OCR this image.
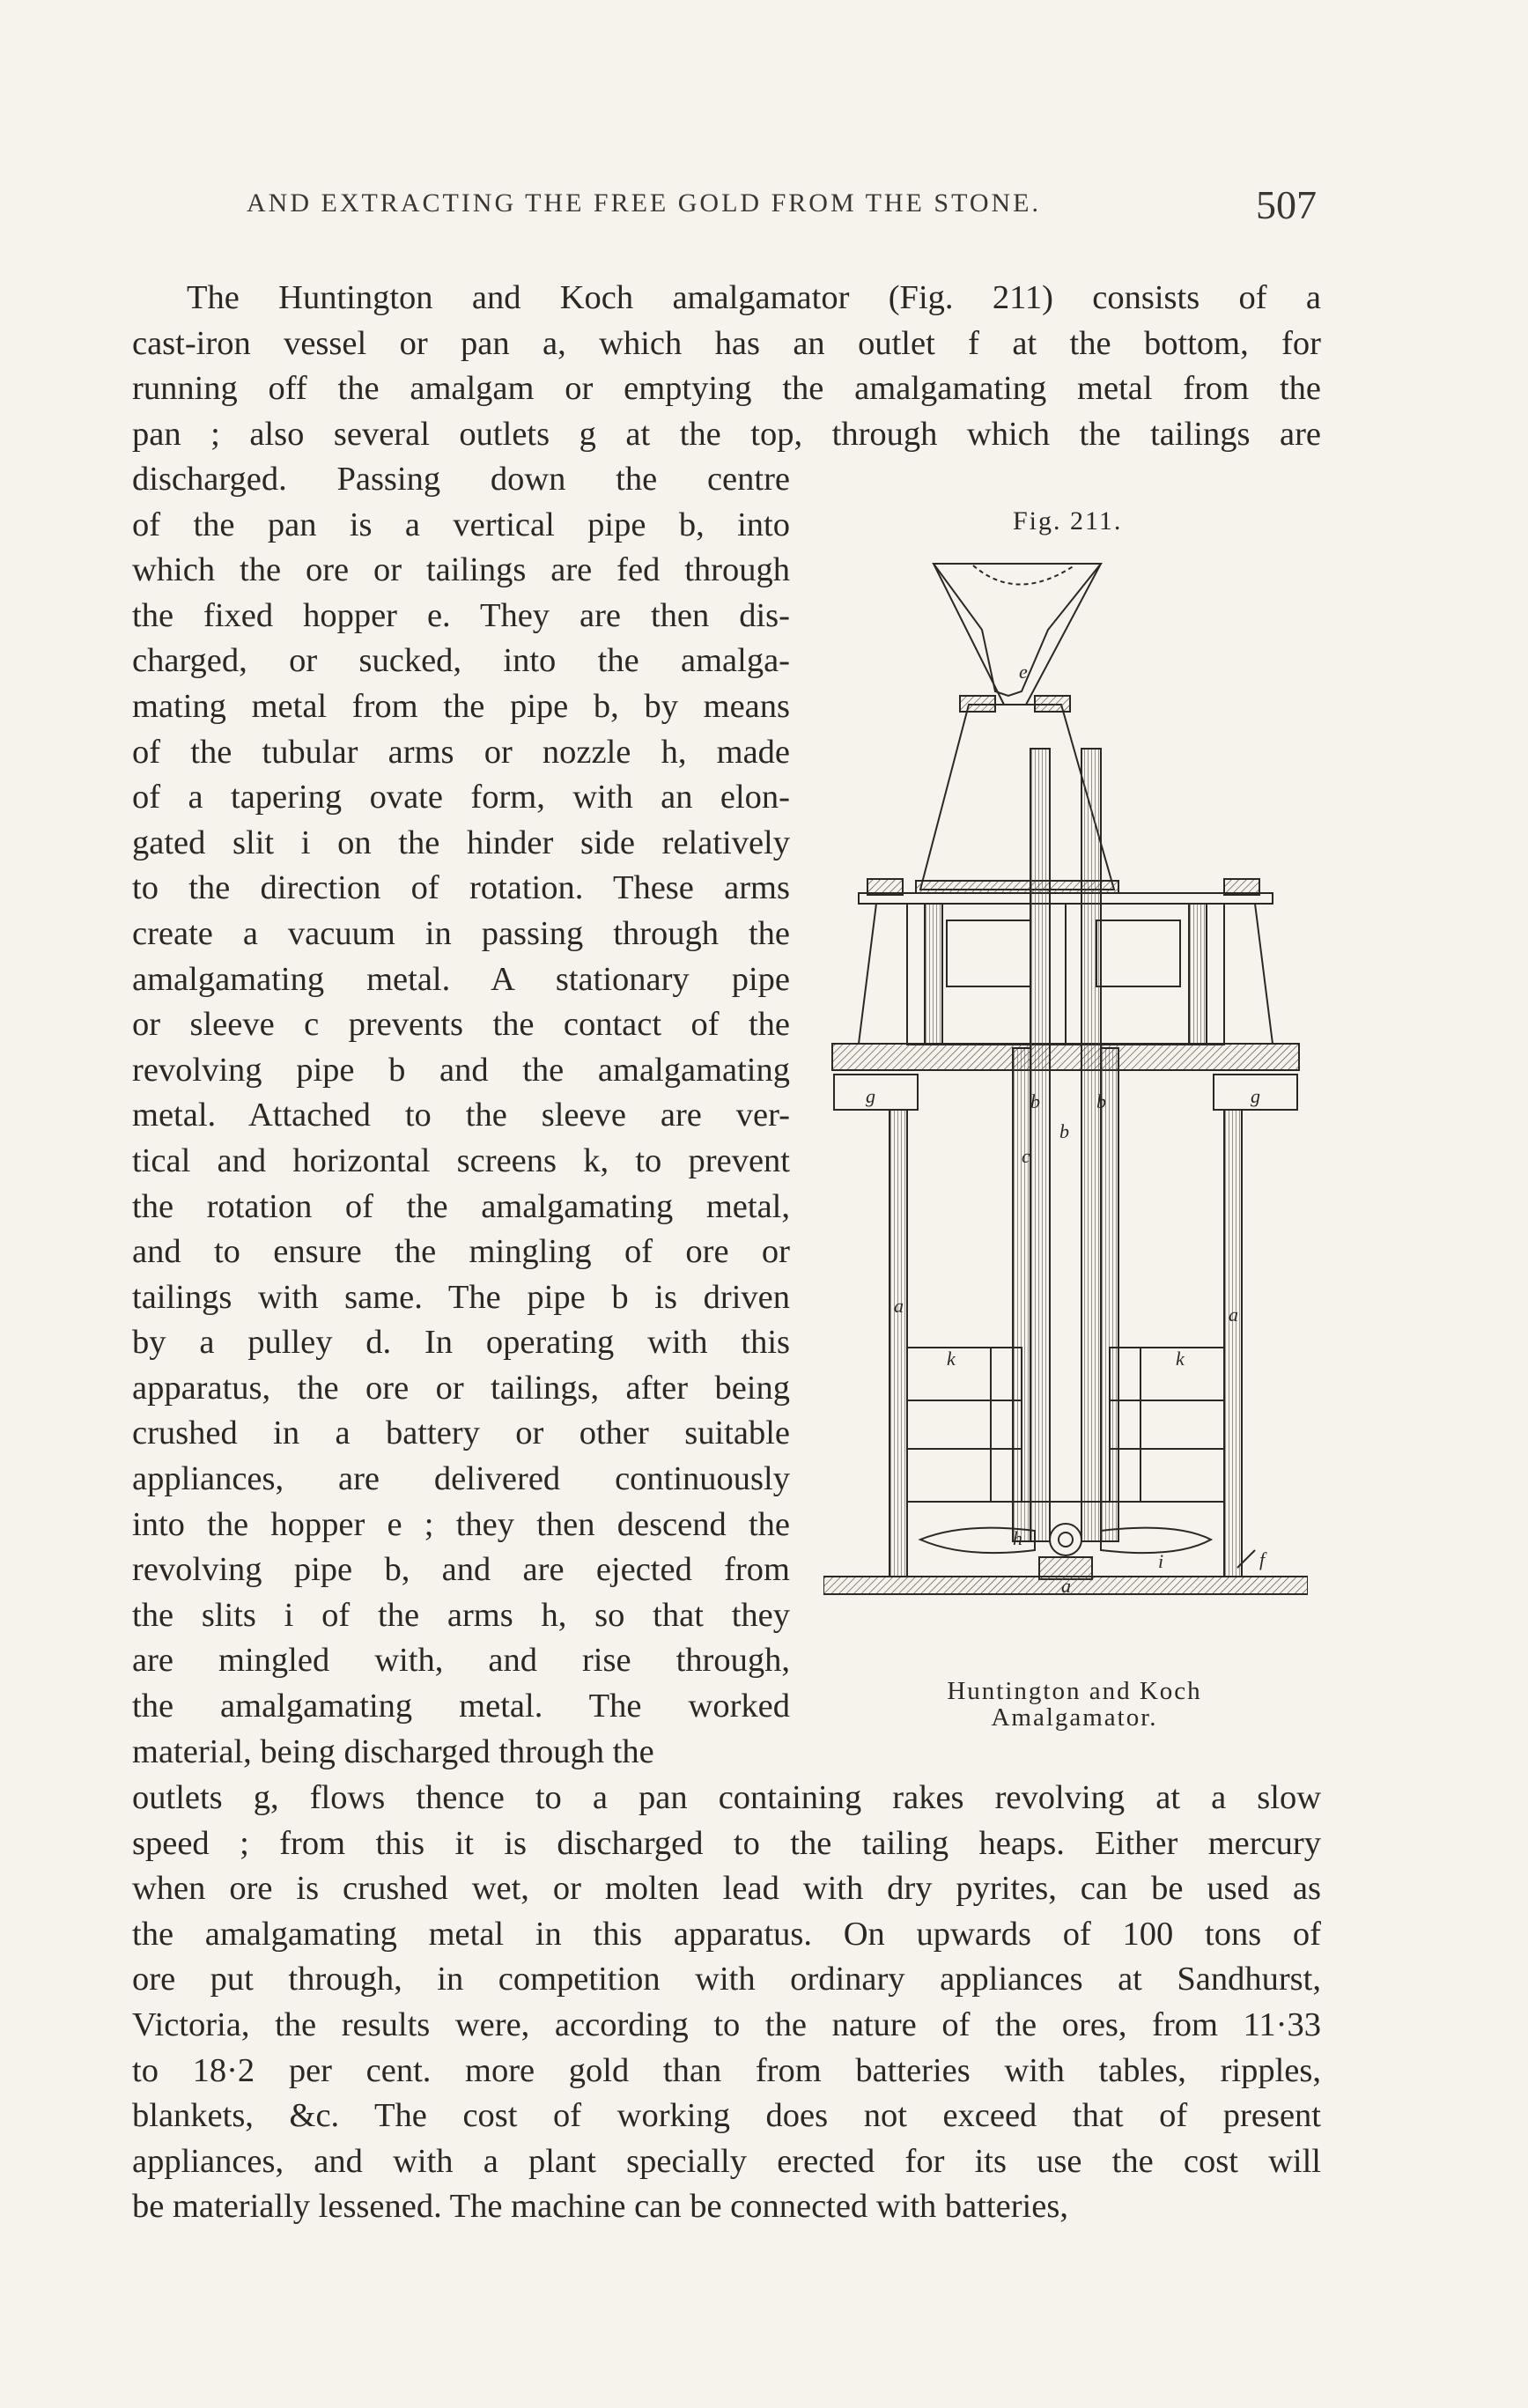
AND EXTRACTING THE FREE GOLD FROM THE STONE.	507
The Huntington and Koch amalgamator (Fig. 211) consists of a
cast-iron vessel or pan a, which has an outlet f at the bottom, for
running off the amalgam or emptying the amalgamating metal from the
pan ; also several outlets g at the top, through which the tailings are
discharged. Passing down the centre
of the pan is a vertical pipe b, into
which the ore or tailings are fed through
the fixed hopper e. They are then dis-
charged, or sucked, into the amalga-
mating metal from the pipe b, by means
of the tubular arms or nozzle h, made
of a tapering ovate form, with an elon-
gated slit i on the hinder side relatively
to the direction of rotation. These arms
create a vacuum in passing through the
amalgamating metal. A stationary pipe
or sleeve c prevents the contact of the
revolving pipe b and the amalgamating
metal. Attached to the sleeve are ver-
tical and horizontal screens k, to prevent
the rotation of the amalgamating metal,
and to ensure the mingling of ore or
tailings with same. The pipe b is driven
by a pulley d. In operating with this
apparatus, the ore or tailings, after being
crushed in a battery or other suitable
appliances, are delivered continuously
into the hopper e ; they then descend the
revolving pipe b, and are ejected from
the slits i of the arms h, so that they
are mingled with, and rise through,
the amalgamating metal. The worked
material, being discharged through the
outlets g, flows thence to a pan containing rakes revolving at a slow
speed ; from this it is discharged to the tailing heaps. Either mercury
when ore is crushed wet, or molten lead with dry pyrites, can be used as
the amalgamating metal in this apparatus. On upwards of 100 tons of
ore put through, in competition with ordinary appliances at Sandhurst,
Victoria, the results were, according to the nature of the ores, from 11·33
to 18·2 per cent. more gold than from batteries with tables, ripples,
blankets, &c. The cost of working does not exceed that of present
appliances, and with a plant specially erected for its use the cost will
be materially lessened. The machine can be connected with batteries,
Fig. 211.
e
b	b
b
c
g	g
a	a
k	k
h
i
a
f
Huntington and Koch
Amalgamator.
